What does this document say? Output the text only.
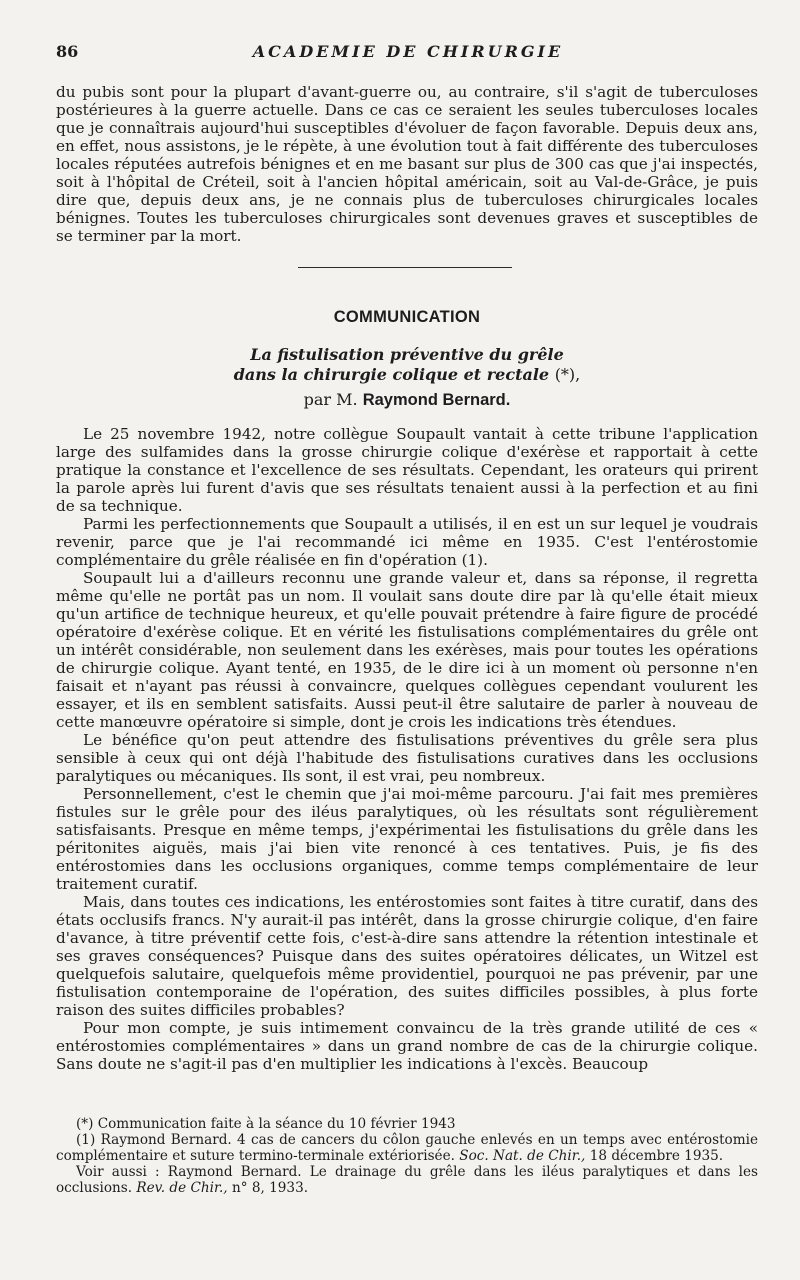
86	ACADEMIE DE CHIRURGIE

du pubis sont pour la plupart d'avant-guerre ou, au contraire, s'il s'agit de tuberculoses postérieures à la guerre actuelle. Dans ce cas ce seraient les seules tuberculoses locales que je connaîtrais aujourd'hui susceptibles d'évoluer de façon favorable. Depuis deux ans, en effet, nous assistons, je le répète, à une évolution tout à fait différente des tuberculoses locales réputées autrefois bénignes et en me basant sur plus de 300 cas que j'ai inspectés, soit à l'hôpital de Créteil, soit à l'ancien hôpital américain, soit au Val-de-Grâce, je puis dire que, depuis deux ans, je ne connais plus de tuberculoses chirurgicales locales bénignes. Toutes les tuberculoses chirurgicales sont devenues graves et susceptibles de se terminer par la mort.

COMMUNICATION
La fistulisation préventive du grêle
dans la chirurgie colique et rectale (*),
par M. Raymond Bernard.

Le 25 novembre 1942, notre collègue Soupault vantait à cette tribune l'application large des sulfamides dans la grosse chirurgie colique d'exérèse et rapportait à cette pratique la constance et l'excellence de ses résultats. Cependant, les orateurs qui prirent la parole après lui furent d'avis que ses résultats tenaient aussi à la perfection et au fini de sa technique.

Parmi les perfectionnements que Soupault a utilisés, il en est un sur lequel je voudrais revenir, parce que je l'ai recommandé ici même en 1935. C'est l'entérostomie complémentaire du grêle réalisée en fin d'opération (1).

Soupault lui a d'ailleurs reconnu une grande valeur et, dans sa réponse, il regretta même qu'elle ne portât pas un nom. Il voulait sans doute dire par là qu'elle était mieux qu'un artifice de technique heureux, et qu'elle pouvait prétendre à faire figure de procédé opératoire d'exérèse colique. Et en vérité les fistulisations complémentaires du grêle ont un intérêt considérable, non seulement dans les exérèses, mais pour toutes les opérations de chirurgie colique. Ayant tenté, en 1935, de le dire ici à un moment où personne n'en faisait et n'ayant pas réussi à convaincre, quelques collègues cependant voulurent les essayer, et ils en semblent satisfaits. Aussi peut-il être salutaire de parler à nouveau de cette manœuvre opératoire si simple, dont je crois les indications très étendues.

Le bénéfice qu'on peut attendre des fistulisations préventives du grêle sera plus sensible à ceux qui ont déjà l'habitude des fistulisations curatives dans les occlusions paralytiques ou mécaniques. Ils sont, il est vrai, peu nombreux.

Personnellement, c'est le chemin que j'ai moi-même parcouru. J'ai fait mes premières fistules sur le grêle pour des iléus paralytiques, où les résultats sont régulièrement satisfaisants. Presque en même temps, j'expérimentai les fistulisations du grêle dans les péritonites aiguës, mais j'ai bien vite renoncé à ces tentatives. Puis, je fis des entérostomies dans les occlusions organiques, comme temps complémentaire de leur traitement curatif.

Mais, dans toutes ces indications, les entérostomies sont faites à titre curatif, dans des états occlusifs francs. N'y aurait-il pas intérêt, dans la grosse chirurgie colique, d'en faire d'avance, à titre préventif cette fois, c'est-à-dire sans attendre la rétention intestinale et ses graves conséquences? Puisque dans des suites opératoires délicates, un Witzel est quelquefois salutaire, quelquefois même providentiel, pourquoi ne pas prévenir, par une fistulisation contemporaine de l'opération, des suites difficiles possibles, à plus forte raison des suites difficiles probables?

Pour mon compte, je suis intimement convaincu de la très grande utilité de ces « entérostomies complémentaires » dans un grand nombre de cas de la chirurgie colique. Sans doute ne s'agit-il pas d'en multiplier les indications à l'excès. Beaucoup

(*) Communication faite à la séance du 10 février 1943

(1) Raymond Bernard. 4 cas de cancers du côlon gauche enlevés en un temps avec entérostomie complémentaire et suture termino-terminale extériorisée. Soc. Nat. de Chir., 18 décembre 1935.

Voir aussi : Raymond Bernard. Le drainage du grêle dans les iléus paralytiques et dans les occlusions. Rev. de Chir., n° 8, 1933.
